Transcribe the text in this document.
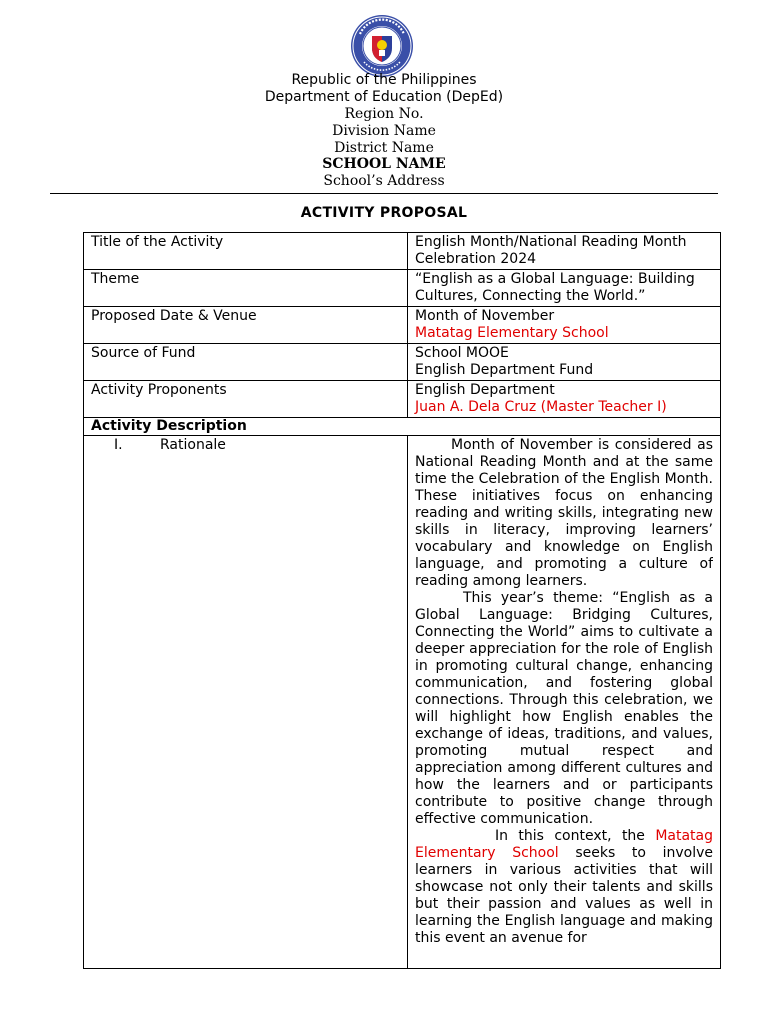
Republic of the Philippines
Department of Education (DepEd)
Region No.
Division Name
District Name
SCHOOL NAME
School’s Address
ACTIVITY PROPOSAL
Title of the Activity	English Month/National Reading Month Celebration 2024
Theme	“English as a Global Language: Building Cultures, Connecting the World.”
Proposed Date & Venue	Month of November
Matatag Elementary School

Source of Fund	School MOOE
English Department Fund

Activity Proponents	English Department
Juan A. Dela Cruz (Master Teacher I)

Activity Description	
I. Rationale	Month of November is considered as National Reading Month and at the same time the Celebration of the English Month. These initiatives focus on enhancing reading and writing skills, integrating new skills in literacy, improving learners’ vocabulary and knowledge on English language, and promoting a culture of reading among learners.
This year’s theme: “English as a Global Language: Bridging Cultures, Connecting the World” aims to cultivate a deeper appreciation for the role of English in promoting cultural change, enhancing communication, and fostering global connections. Through this celebration, we will highlight how English enables the exchange of ideas, traditions, and values, promoting mutual respect and appreciation among different cultures and how the learners and or participants contribute to positive change through effective communication.
In this context, the Matatag Elementary School seeks to involve learners in various activities that will showcase not only their talents and skills but their passion and values as well in learning the English language and making this event an avenue for
